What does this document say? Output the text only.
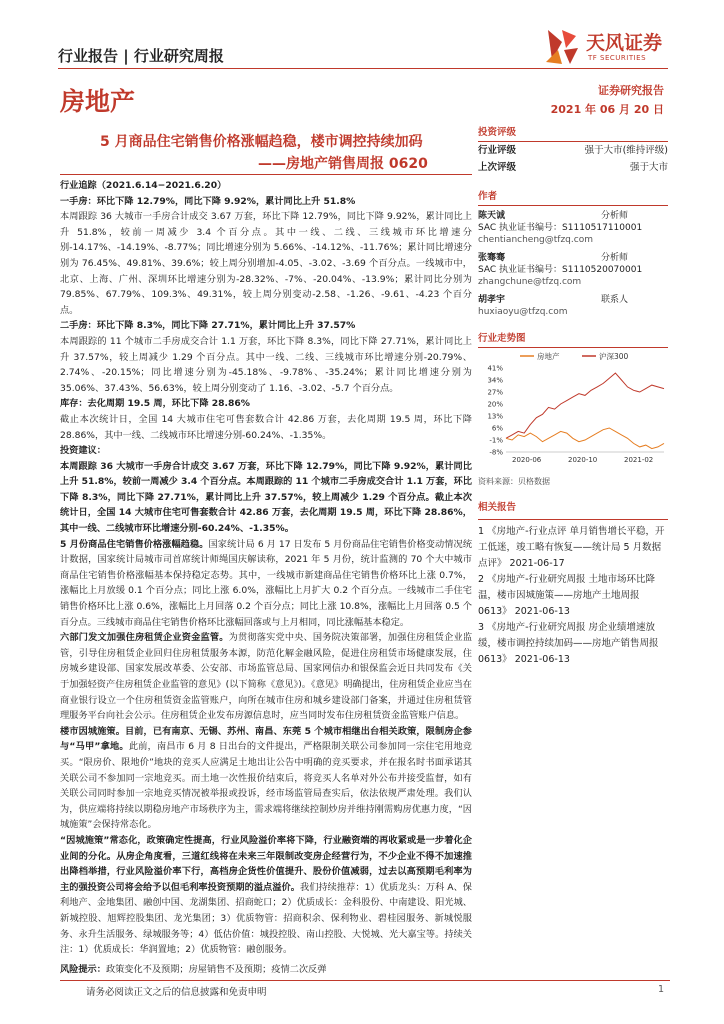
行业报告 | 行业研究周报
天风证券
TF SECURITIES
房地产	证券研究报告
2021 年 06 月 20 日
5 月商品住宅销售价格涨幅趋稳，楼市调控持续加码
——房地产销售周报 0620
投资评级
行业评级	强于大市(维持评级)
上次评级	强于大市
作者
陈天诚	分析师
SAC 执业证书编号：S1110517110001
chentiancheng@tfzq.com
张骞骞	分析师
SAC 执业证书编号：S1110520070001
zhangchune@tfzq.com
胡孝宇	联系人
huxiaoyu@tfzq.com
行业走势图
房地产	沪深300
41%
34%
27%
20%
13%
6%
-1%
-8%
2020-06	2020-10	2021-02
资料来源：贝格数据
相关报告

1 《房地产-行业点评 单月销售增长平稳，开工低迷，竣工略有恢复——统计局 5 月数据点评》 2021-06-17

2 《房地产-行业研究周报 土地市场环比降温，楼市因城施策——房地产土地周报 0613》 2021-06-13

3 《房地产-行业研究周报 房企业绩增速放缓，楼市调控持续加码——房地产销售周报 0613》 2021-06-13

行业追踪（2021.6.14−2021.6.20）

一手房：环比下降 12.79%，同比下降 9.92%，累计同比上升 51.8%

本周跟踪 36 大城市一手房合计成交 3.67 万套，环比下降 12.79%，同比下降 9.92%，累计同比上升 51.8%，较前一周减少 3.4 个百分点。其中一线、二线、三线城市环比增速分别-14.17%、-14.19%、-8.77%；同比增速分别为 5.66%、-14.12%、-11.76%；累计同比增速分别为 76.45%、49.81%、39.6%；较上周分别增加-4.05、-3.02、-3.69 个百分点。一线城市中，北京、上海、广州、深圳环比增速分别为-28.32%、-7%、-20.04%、-13.9%；累计同比分别为 79.85%、67.79%、109.3%、49.31%，较上周分别变动-2.58、-1.26、-9.61、-4.23 个百分点。

二手房：环比下降 8.3%，同比下降 27.71%，累计同比上升 37.57%

本周跟踪的 11 个城市二手房成交合计 1.1 万套，环比下降 8.3%，同比下降 27.71%，累计同比上升 37.57%，较上周减少 1.29 个百分点。其中一线、二线、三线城市环比增速分别-20.79%、2.74%、-20.15%；同比增速分别为-45.18%、-9.78%、-35.24%；累计同比增速分别为 35.06%、37.43%、56.63%，较上周分别变动了 1.16、-3.02、-5.7 个百分点。

库存：去化周期 19.5 周，环比下降 28.86%

截止本次统计日，全国 14 大城市住宅可售套数合计 42.86 万套，去化周期 19.5 周，环比下降 28.86%，其中一线、二线城市环比增速分别-60.24%、-1.35%。

投资建议：

本周跟踪 36 大城市一手房合计成交 3.67 万套，环比下降 12.79%，同比下降 9.92%，累计同比上升 51.8%，较前一周减少 3.4 个百分点。本周跟踪的 11 个城市二手房成交合计 1.1 万套，环比下降 8.3%，同比下降 27.71%，累计同比上升 37.57%，较上周减少 1.29 个百分点。截止本次统计日，全国 14 大城市住宅可售套数合计 42.86 万套，去化周期 19.5 周，环比下降 28.86%，其中一线、二线城市环比增速分别-60.24%、-1.35%。

5 月份商品住宅销售价格涨幅趋稳。国家统计局 6 月 17 日发布 5 月份商品住宅销售价格变动情况统计数据，国家统计局城市司首席统计师绳国庆解读称，2021 年 5 月份，统计监测的 70 个大中城市商品住宅销售价格涨幅基本保持稳定态势。其中，一线城市新建商品住宅销售价格环比上涨 0.7%，涨幅比上月放缓 0.1 个百分点；同比上涨 6.0%，涨幅比上月扩大 0.2 个百分点。一线城市二手住宅销售价格环比上涨 0.6%，涨幅比上月回落 0.2 个百分点；同比上涨 10.8%，涨幅比上月回落 0.5 个百分点。三线城市商品住宅销售价格环比涨幅回落或与上月相同，同比涨幅基本稳定。

六部门发文加强住房租赁企业资金监管。为贯彻落实党中央、国务院决策部署，加强住房租赁企业监管，引导住房租赁企业回归住房租赁服务本源，防范化解金融风险，促进住房租赁市场健康发展，住房城乡建设部、国家发展改革委、公安部、市场监管总局、国家网信办和银保监会近日共同发布《关于加强轻资产住房租赁企业监管的意见》(以下简称《意见》)。《意见》明确提出，住房租赁企业应当在商业银行设立一个住房租赁资金监管账户，向所在城市住房和城乡建设部门备案，并通过住房租赁管理服务平台向社会公示。住房租赁企业发布房源信息时，应当同时发布住房租赁资金监管账户信息。

楼市因城施策。目前，已有南京、无锡、苏州、南昌、东莞 5 个城市相继出台相关政策，限制房企参与“马甲”拿地。此前，南昌市 6 月 8 日出台的文件提出，严格限制关联公司参加同一宗住宅用地竞买。“限房价、限地价”地块的竞买人应满足土地出让公告中明确的竞买要求，并在报名时书面承诺其关联公司不参加同一宗地竞买。而土地一次性报价结束后，将竞买人名单对外公布并接受监督，如有关联公司同时参加一宗地竞买情况被举报或投诉，经市场监管局查实后，依法依规严肃处理。我们认为，供应端将持续以期稳房地产市场秩序为主，需求端将继续控制炒房并维持刚需购房优惠力度，“因城施策”会保持常态化。

“因城施策”常态化，政策确定性提高，行业风险溢价率将下降，行业融资端的再收紧或是一步着化企业间的分化。从房企角度看，三道红线将在未来三年限制改变房企经营行为，不少企业不得不加速推出降档举措，行业风险溢价率下行，高档房企货性价值提升、股份价值减弱，过去以高预期毛利率为主的强投资公司将会给予以但毛利率投资预期的溢点溢价。我们持续推荐：1）优质龙头：万科 A、保利地产、金地集团、融创中国、龙湖集团、招商蛇口；2）优质成长：金科股份、中南建设、阳光城、新城控股、旭辉控股集团、龙光集团；3）优质物管：招商积余、保利物业、碧桂园服务、新城悦服务、永升生活服务、绿城服务等；4）低估价值：城投控股、南山控股、大悦城、光大嘉宝等。持续关注：1）优质成长：华润置地；2）优质物管：融创服务。

风险提示：政策变化不及预期；房屋销售不及预期；疫情二次反弹

请务必阅读正文之后的信息披露和免责申明	1
